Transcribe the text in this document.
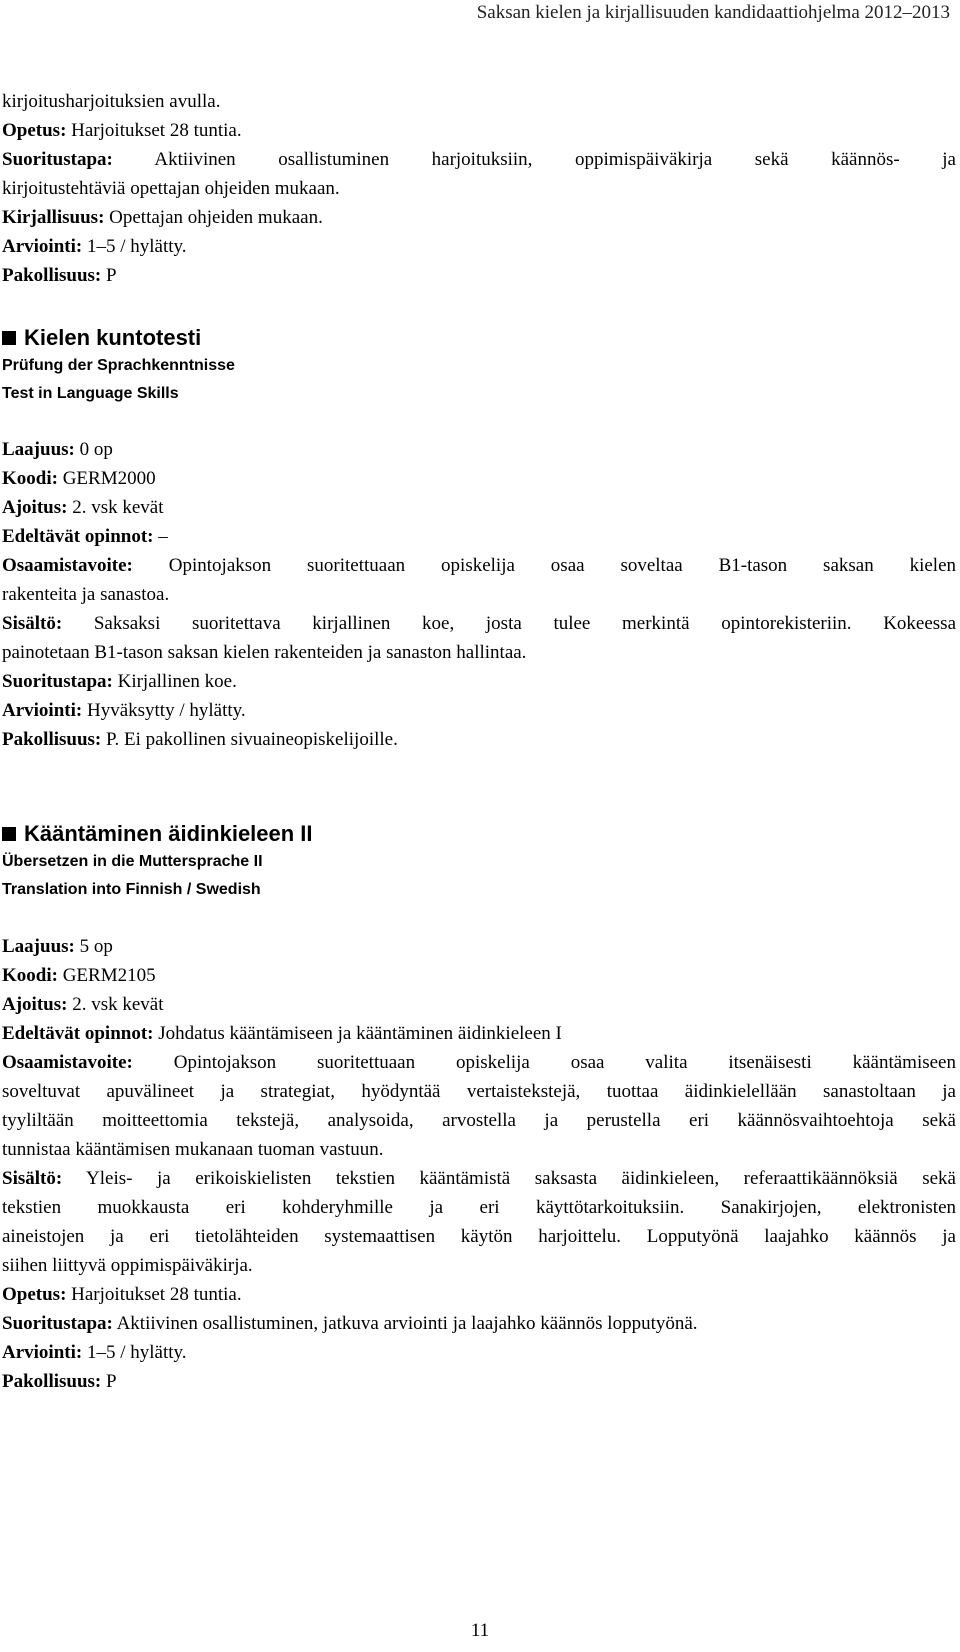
Saksan kielen ja kirjallisuuden kandidaattiohjelma 2012–2013

kirjoitusharjoituksien avulla.

Opetus: Harjoitukset 28 tuntia.

Suoritustapa: Aktiivinen osallistuminen harjoituksiin, oppimispäiväkirja sekä käännös- ja

kirjoitustehtäviä opettajan ohjeiden mukaan.

Kirjallisuus: Opettajan ohjeiden mukaan.

Arviointi: 1–5 / hylätty.

Pakollisuus: P

Kielen kuntotesti
Prüfung der Sprachkenntnisse
Test in Language Skills

Laajuus: 0 op

Koodi: GERM2000

Ajoitus: 2. vsk kevät

Edeltävät opinnot: –

Osaamistavoite: Opintojakson suoritettuaan opiskelija osaa soveltaa B1-tason saksan kielen

rakenteita ja sanastoa.

Sisältö: Saksaksi suoritettava kirjallinen koe, josta tulee merkintä opintorekisteriin. Kokeessa

painotetaan B1-tason saksan kielen rakenteiden ja sanaston hallintaa.

Suoritustapa: Kirjallinen koe.

Arviointi: Hyväksytty / hylätty.

Pakollisuus: P. Ei pakollinen sivuaineopiskelijoille.

Kääntäminen äidinkieleen II
Übersetzen in die Muttersprache II
Translation into Finnish / Swedish

Laajuus: 5 op

Koodi: GERM2105

Ajoitus: 2. vsk kevät

Edeltävät opinnot: Johdatus kääntämiseen ja kääntäminen äidinkieleen I

Osaamistavoite: Opintojakson suoritettuaan opiskelija osaa valita itsenäisesti kääntämiseen

soveltuvat apuvälineet ja strategiat, hyödyntää vertaistekstejä, tuottaa äidinkielellään sanastoltaan ja

tyyliltään moitteettomia tekstejä, analysoida, arvostella ja perustella eri käännösvaihtoehtoja sekä

tunnistaa kääntämisen mukanaan tuoman vastuun.

Sisältö: Yleis- ja erikoiskielisten tekstien kääntämistä saksasta äidinkieleen, referaattikäännöksiä sekä

tekstien muokkausta eri kohderyhmille ja eri käyttötarkoituksiin. Sanakirjojen, elektronisten

aineistojen ja eri tietolähteiden systemaattisen käytön harjoittelu. Lopputyönä laajahko käännös ja

siihen liittyvä oppimispäiväkirja.

Opetus: Harjoitukset 28 tuntia.

Suoritustapa: Aktiivinen osallistuminen, jatkuva arviointi ja laajahko käännös lopputyönä.

Arviointi: 1–5 / hylätty.

Pakollisuus: P

11
